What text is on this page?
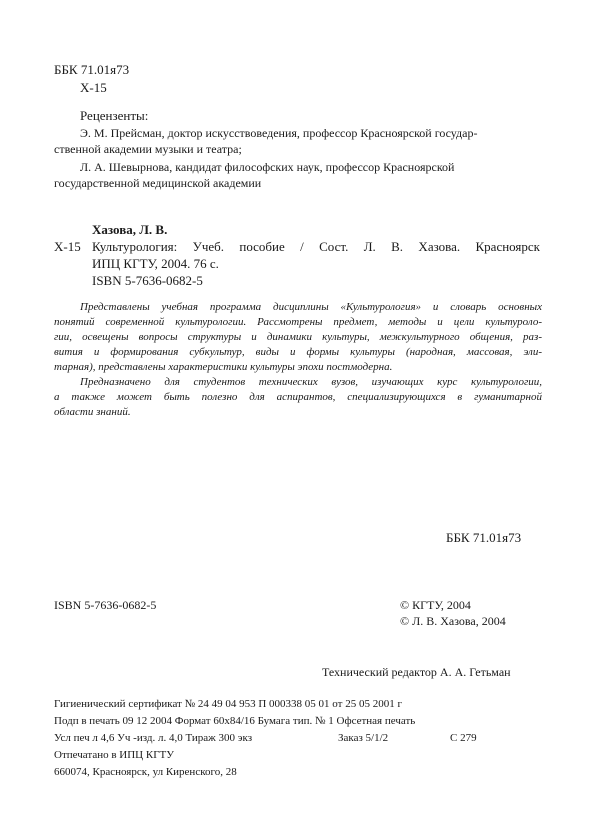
ББК 71.01я73
Х-15
Рецензенты:
Э. М. Прейсман, доктор искусствоведения, профессор Красноярской государ-
ственной академии музыки и театра;
Л. А. Шевырнова, кандидат философских наук, профессор Красноярской
государственной медицинской академии
Хазова, Л. В.
Х-15 Культурология: Учеб. пособие / Сост. Л. В. Хазова. Красноярск
ИПЦ КГТУ, 2004. 76 с.
ISBN 5-7636-0682-5
Представлены учебная программа дисциплины «Культурология» и словарь основных
понятий современной культурологии. Рассмотрены предмет, методы и цели культуроло-
гии, освещены вопросы структуры и динамики культуры, межкультурного общения, раз-
вития и формирования субкультур, виды и формы культуры (народная, массовая, эли-
тарная), представлены характеристики культуры эпохи постмодерна.
Предназначено для студентов технических вузов, изучающих курс культурологии,
а также может быть полезно для аспирантов, специализирующихся в гуманитарной
области знаний.
ББК 71.01я73
ISBN 5-7636-0682-5	© КГТУ, 2004
© Л. В. Хазова, 2004
Технический редактор А. А. Гетьман
Гигиенический сертификат № 24 49 04 953 П 000338 05 01 от 25 05 2001 г
Подп в печать 09 12 2004 Формат 60х84/16 Бумага тип. № 1 Офсетная печать
Усл печ л 4,6 Уч -изд. л. 4,0 Тираж 300 экз	Заказ 5/1/2	С 279
Отпечатано в ИПЦ КГТУ
660074, Красноярск, ул Киренского, 28
